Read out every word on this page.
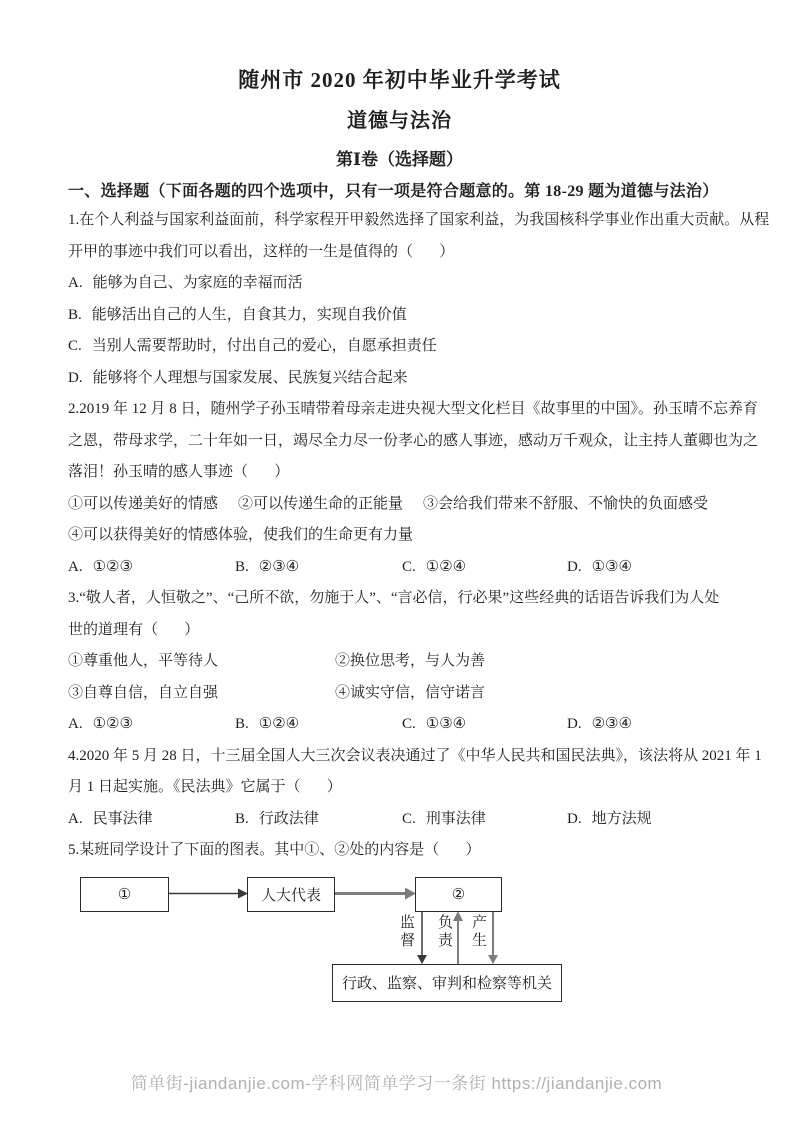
随州市 2020 年初中毕业升学考试
道德与法治
第Ⅰ卷（选择题）
一、选择题（下面各题的四个选项中，只有一项是符合题意的。第 18-29 题为道德与法治）
1.在个人利益与国家利益面前，科学家程开甲毅然选择了国家利益，为我国核科学事业作出重大贡献。从程
开甲的事迹中我们可以看出，这样的一生是值得的（       ）
A. 能够为自己、为家庭的幸福而活
B. 能够活出自己的人生，自食其力，实现自我价值
C. 当别人需要帮助时，付出自己的爱心，自愿承担责任
D. 能够将个人理想与国家发展、民族复兴结合起来
2.2019 年 12 月 8 日，随州学子孙玉晴带着母亲走进央视大型文化栏目《故事里的中国》。孙玉晴不忘养育
之恩，带母求学，二十年如一日，竭尽全力尽一份孝心的感人事迹，感动万千观众，让主持人董卿也为之
落泪！孙玉晴的感人事迹（       ）
①可以传递美好的情感 ②可以传递生命的正能量 ③会给我们带来不舒服、不愉快的负面感受
④可以获得美好的情感体验，使我们的生命更有力量
A. ①②③	B. ②③④	C. ①②④	D. ①③④
3.“敬人者，人恒敬之”、“己所不欲，勿施于人”、“言必信，行必果”这些经典的话语告诉我们为人处
世的道理有（       ）
①尊重他人，平等待人	②换位思考，与人为善
③自尊自信，自立自强	④诚实守信，信守诺言
A. ①②③	B. ①②④	C. ①③④	D. ②③④
4.2020 年 5 月 28 日，十三届全国人大三次会议表决通过了《中华人民共和国民法典》，该法将从 2021 年 1
月 1 日起实施。《民法典》它属于（       ）
A. 民事法律	B. 行政法律	C. 刑事法律	D. 地方法规
5.某班同学设计了下面的图表。其中①、②处的内容是（       ）
①	人大代表	②
行政、监察、审判和检察等机关
监督 负责 产生
简单街-jiandanjie.com-学科网简单学习一条街 https://jiandanjie.com
